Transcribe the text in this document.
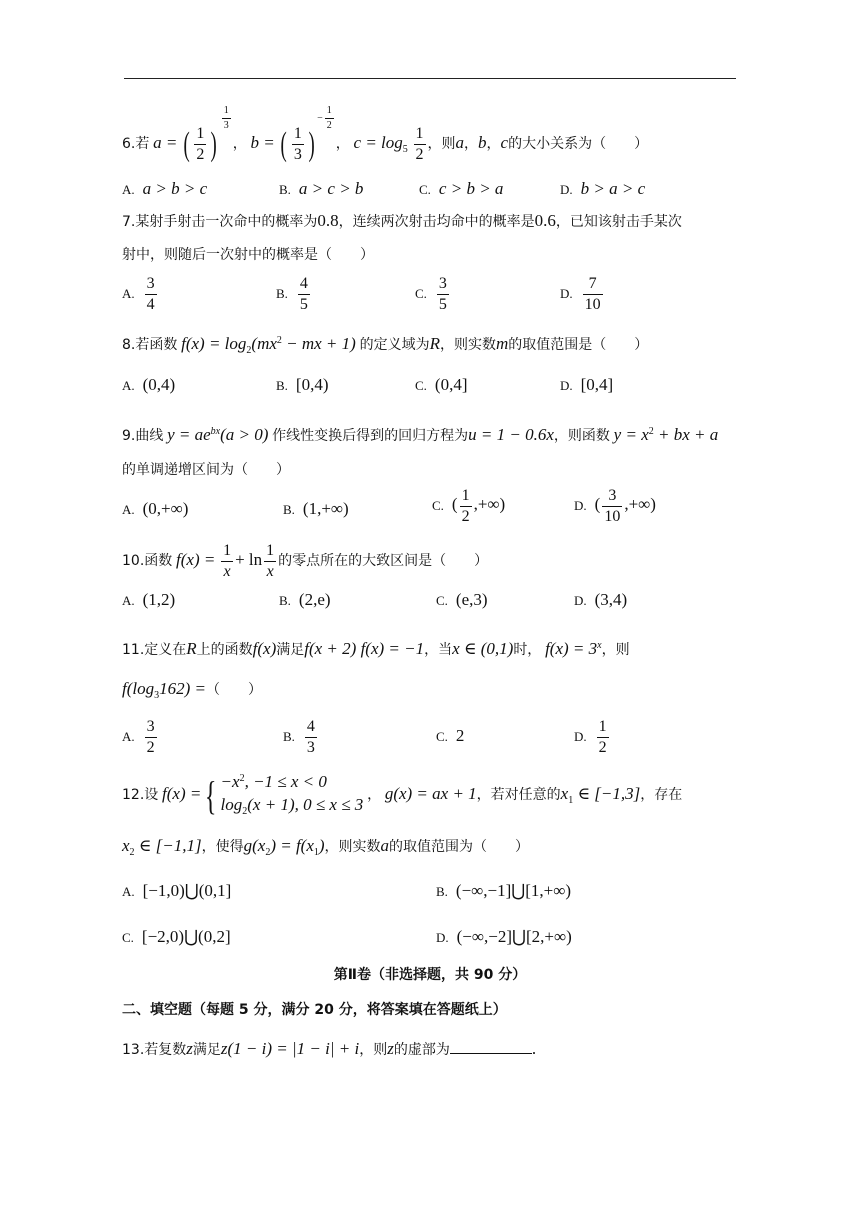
6.若 a = ( $\frac{1}{2}$ )
$\frac{1}{3}$
， b = ( $\frac{1}{3}$ )− $\frac{1}{2}$
， $c = \log_5 \frac{1}{2}$ ，则a，b，c的大小关系为（　　）
A. a > b > c	B. a > c > b	C. c > b > a	D. b > a > c
7.某射手射击一次命中的概率为0.8，连续两次射击均命中的概率是0.6，已知该射击手某次
射中，则随后一次射中的概率是（　　）
A. $\frac{3}{4}$	B. $\frac{4}{5}$	C. $\frac{3}{5}$	D. $\frac{7}{10}$
8.若函数 $f(x) = \log_2(mx^2$ − mx + 1) 的定义域为R，则实数m的取值范围是（　　）
A. (0,4)	B. [0,4)	C. (0,4]	D. [0,4]
9.曲线 $y = ae^{bx}(a > 0)$ 作线性变换后得到的回归方程为u = 1 − 0.6x，则函数 $y = x^2$ + bx + a
的单调递增区间为（　　）
A. (0,+∞)	B. (1,+∞)	C. ( $\frac{1}{2}$ ,+∞)	D. ( $\frac{3}{10}$ ,+∞)
10.函数 $f(x) = \frac{1}{x} + \ln \frac{1}{x}$ 的零点所在的大致区间是（　　）
A. (1,2)	B. (2,e)	C. (e,3)	D. (3,4)
11.定义在R上的函数f(x)满足f(x + 2) f(x) = −1，当x ∈ (0,1)时， $f(x) = 3^x$，则
$f(\log_3162)$ =（　　）
A. $\frac{3}{2}$	B. $\frac{4}{3}$	C. 2	D. $\frac{1}{2}$
12.设 f(x) ={ $-x^2$, −1 ≤ x < 0
$\log_2(x + 1)$, 0 ≤ x ≤ 3
， g(x) = ax + 1，若对任意的$x_1$ ∈ [−1,3]，存在
$x_2$ ∈ [−1,1]，使得$g(x_2) = f(x_1)$，则实数a的取值范围为（　　）
A. [−1,0)⋃(0,1]	B. (−∞,−1]⋃[1,+∞)
C. [−2,0)⋃(0,2]	D. (−∞,−2]⋃[2,+∞)
第Ⅱ卷（非选择题，共 90 分）
二、填空题（每题 5 分，满分 20 分，将答案填在答题纸上）
13.若复数z满足z(1 − i) = |1 − i| + i，则z的虚部为	.
